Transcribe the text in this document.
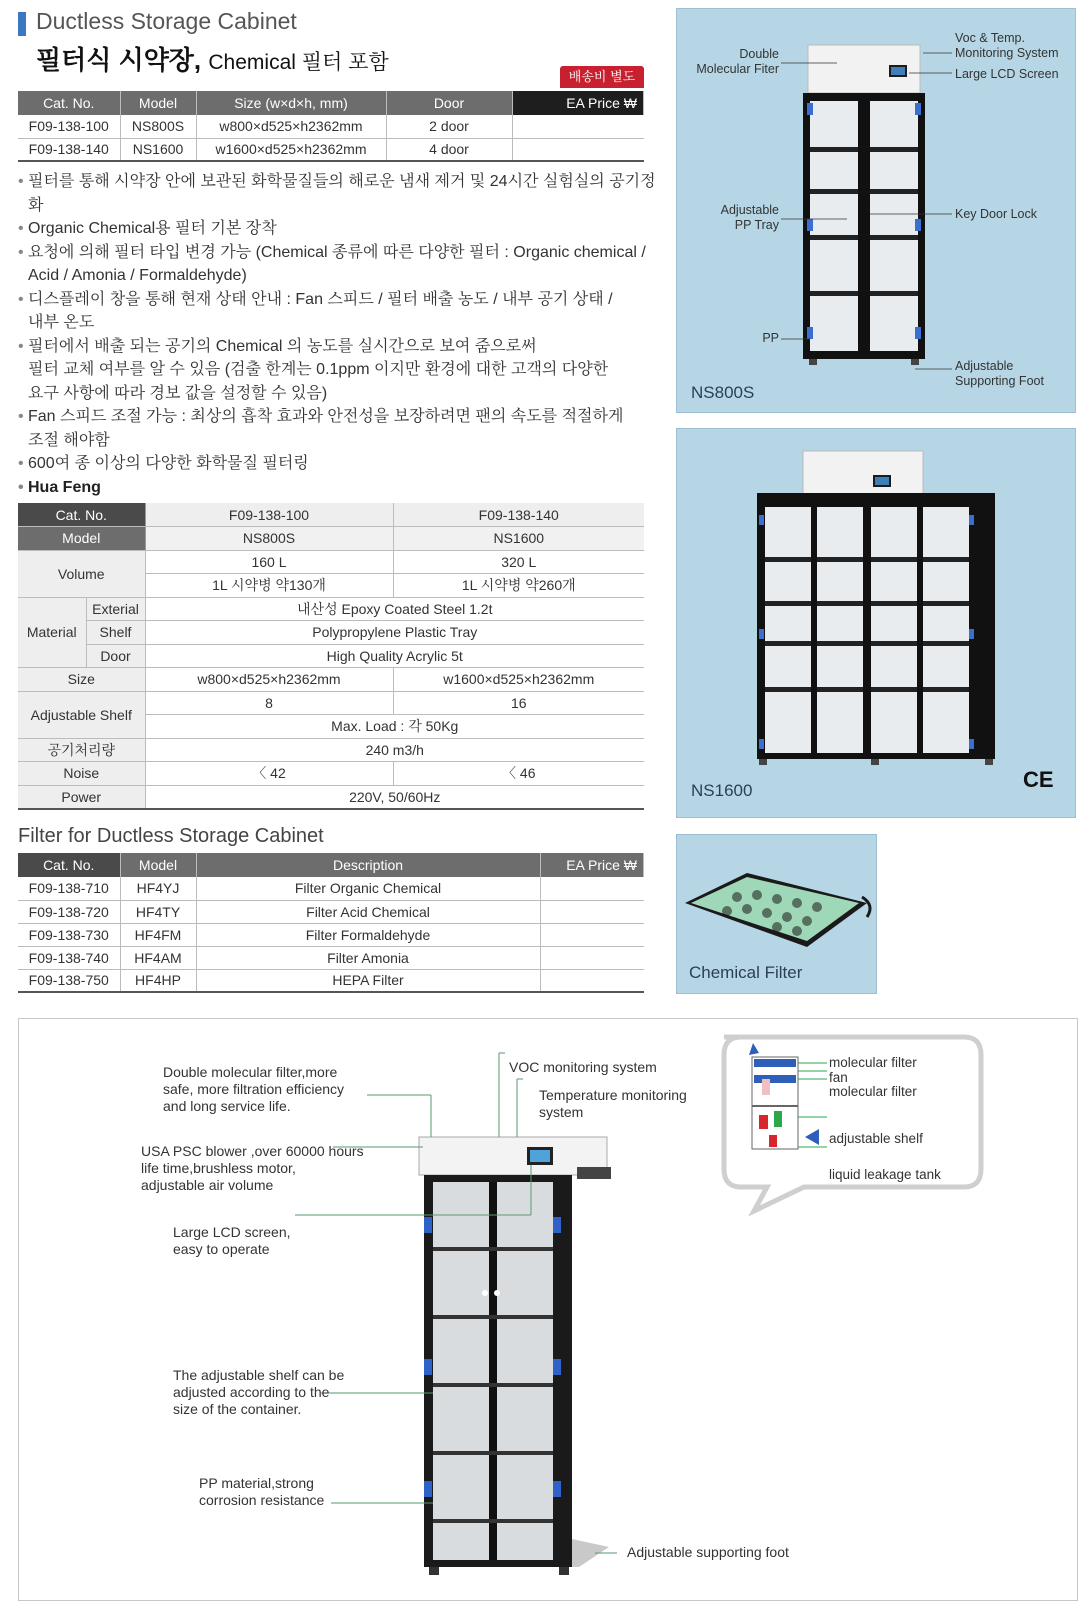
Ductless Storage Cabinet
필터식 시약장, Chemical 필터 포함
배송비 별도
Cat. No.	Model	Size (w×d×h, mm)	Door	EA Price ₩
F09-138-100	NS800S	w800×d525×h2362mm	2 door	
F09-138-140	NS1600	w1600×d525×h2362mm	4 door	
• 필터를 통해 시약장 안에 보관된 화학물질들의 해로운 냄새 제거 및 24시간 실험실의 공기정화
• Organic Chemical용 필터 기본 장착
• 요청에 의해 필터 타입 변경 가능 (Chemical 종류에 따른 다양한 필터 : Organic chemical /
Acid / Amonia / Formaldehyde)
• 디스플레이 창을 통해 현재 상태 안내 : Fan 스피드 / 필터 배출 농도 / 내부 공기 상태 /
내부 온도
• 필터에서 배출 되는 공기의 Chemical 의 농도를 실시간으로 보여 줌으로써
필터 교체 여부를 알 수 있음 (검출 한계는 0.1ppm 이지만 환경에 대한 고객의 다양한
요구 사항에 따라 경보 값을 설정할 수 있음)
• Fan 스피드 조절 가능 : 최상의 흡착 효과와 안전성을 보장하려면 팬의 속도를 적절하게
조절 해야함
• 600여 종 이상의 다양한 화학물질 필터링
• Hua Feng
Cat. No.		F09-138-100	F09-138-140
Model		NS800S	NS1600
Volume		160 L	320 L
		1L 시약병 약130개	1L 시약병 약260개
Material	Exterial	내산성 Epoxy Coated Steel 1.2t	
	Shelf	Polypropylene Plastic Tray	
	Door	High Quality Acrylic 5t	
Size		w800×d525×h2362mm	w1600×d525×h2362mm
Adjustable Shelf		8	16
		Max. Load : 각 50Kg	
공기처리량		240 m3/h	
Noise		〈 42	〈 46
Power		220V, 50/60Hz	
Filter for Ductless Storage Cabinet
Cat. No.	Model	Description	EA Price ₩
F09-138-710	HF4YJ	Filter Organic Chemical	
F09-138-720	HF4TY	Filter Acid Chemical	
F09-138-730	HF4FM	Filter Formaldehyde	
F09-138-740	HF4AM	Filter Amonia	
F09-138-750	HF4HP	HEPA Filter	
Double
Molecular Fiter
Voc & Temp.
Monitoring System
Large LCD Screen
Adjustable
PP Tray
Key Door Lock
PP
Adjustable
Supporting Foot
NS800S
NS1600	CE
Chemical Filter
Double molecular filter,more
safe, more filtration efficiency
and long service life.
USA PSC blower ,over 60000 hours
life time,brushless motor,
adjustable air volume
Large LCD screen,
easy to operate
The adjustable shelf can be
adjusted according to the
size of the container.
PP material,strong
corrosion resistance
VOC monitoring system
Temperature monitoring
system
Adjustable supporting foot
molecular filter
fan
molecular filter
adjustable shelf
liquid leakage tank
